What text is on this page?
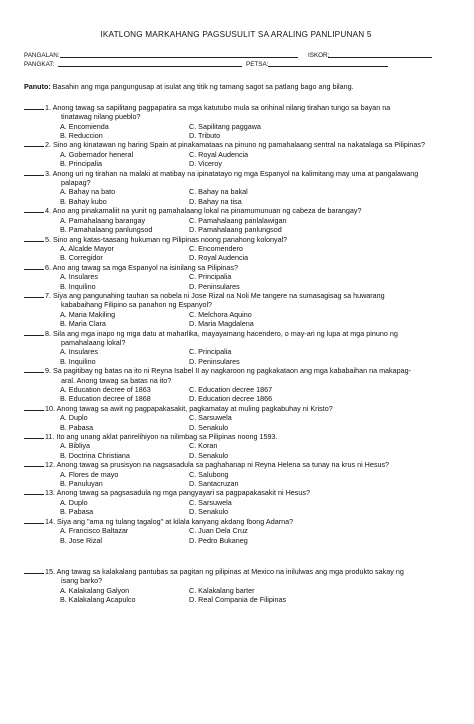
IKATLONG MARKAHANG PAGSUSULIT SA ARALING PANLIPUNAN 5
PANGALAN:	ISKOR:
PANGKAT:	PETSA:
Panuto: Basahin ang mga pangungusap at isulat ang titik ng tamang sagot sa patlang bago ang bilang.
1. Anong tawag sa sapilitang pagpapatira sa mga katutubo mula sa orihinal nilang tirahan tungo sa bayan na
tinatawag nilang pueblo?
A. Encomienda	C. Sapilitang paggawa
B. Reduccion	D. Tributo
2. Sino ang kinatawan ng haring Spain at pinakamataas na pinuno ng pamahalaang sentral na nakatalaga sa Pilipinas?
A. Gobernador heneral	C. Royal Audencia
B. Principalia	D. Viceroy
3. Anong uri ng tirahan na malaki at matibay na ipinatatayo ng mga Espanyol na kalimitang may uma at pangalawang
palapag?
A. Bahay na bato	C. Bahay na bakal
B. Bahay kubo	D. Bahay na tisa
4. Ano ang pinakamaliit na yunit ng pamahalaang lokal na pinamumunuan ng cabeza de barangay?
A. Pamahalaang barangay	C. Pamahalaang panlalawigan
B. Pamahalaang panlungsod	D. Pamahalaang panlungsod
5. Sino ang katas-taasang hukuman ng Pilipinas noong panahong kolonyal?
A. Alcalde Mayor	C. Encomendero
B. Corregidor	D. Royal Audencia
6. Ano ang tawag sa mga Espanyol na isinilang sa Pilipinas?
A. Insulares	C. Principalia
B. Inquilino	D. Peninsulares
7. Siya ang pangunahing tauhan sa nobela ni Jose Rizal na Noli Me tangere na sumasagisag sa huwarang
kababaihang Filipino sa panahon ng Espanyol?
A. Maria Makiling	C. Melchora Aquino
B. Maria Clara	D. Maria Magdalena
8. Sila ang mga inapo ng mga datu at maharlika, mayayamang hacendero, o may-ari ng lupa at mga pinuno ng
pamahalaang lokal?
A. Insulares	C. Principalia
B. Inquilino	D. Peninsulares
9. Sa pagitibay ng batas na ito ni Reyna Isabel II ay nagkaroon ng pagkakataon ang mga kababaihan na makapag-
aral. Anong tawag sa batas na ito?
A. Education decree of 1863	C. Education decree 1867
B. Education decree of 1868	D. Education decree 1866
10. Anong tawag sa awit ng pagpapakasakit, pagkamatay at muling pagkabuhay ni Kristo?
A. Duplo	C. Sarsuwela
B. Pabasa	D. Senakulo
11. Ito ang unang aklat panrelihiyon na nilimbag sa Pilipinas noong 1593.
A. Bibliya	C. Koran
B. Doctrina Christiana	D. Senakulo
12. Anong tawag sa prusisyon na nagsasadula sa paghahanap ni Reyna Helena sa tunay na krus ni Hesus?
A. Flores de mayo	C. Salubong
B. Panuluyan	D. Santacruzan
13. Anong tawag sa pagsasadula ng mga pangyayari sa pagpapakasakit ni Hesus?
A. Duplo	C. Sarsuwela
B. Pabasa	D. Senakulo
14. Siya ang "ama ng tulang tagalog" at kilala kanyang akdang Ibong Adarna?
A. Francisco Baltazar	C. Juan Dela Cruz
B. Jose Rizal	D. Pedro Bukaneg
15. Ang tawag sa kalakalang pantubas sa pagitan ng pilipinas at Mexico na inilulwas ang mga produkto sakay ng
isang barko?
A. Kalakalang Galyon	C. Kalakalang barter
B. Kalakalang Acapulco	D. Real Compania de Filipinas
